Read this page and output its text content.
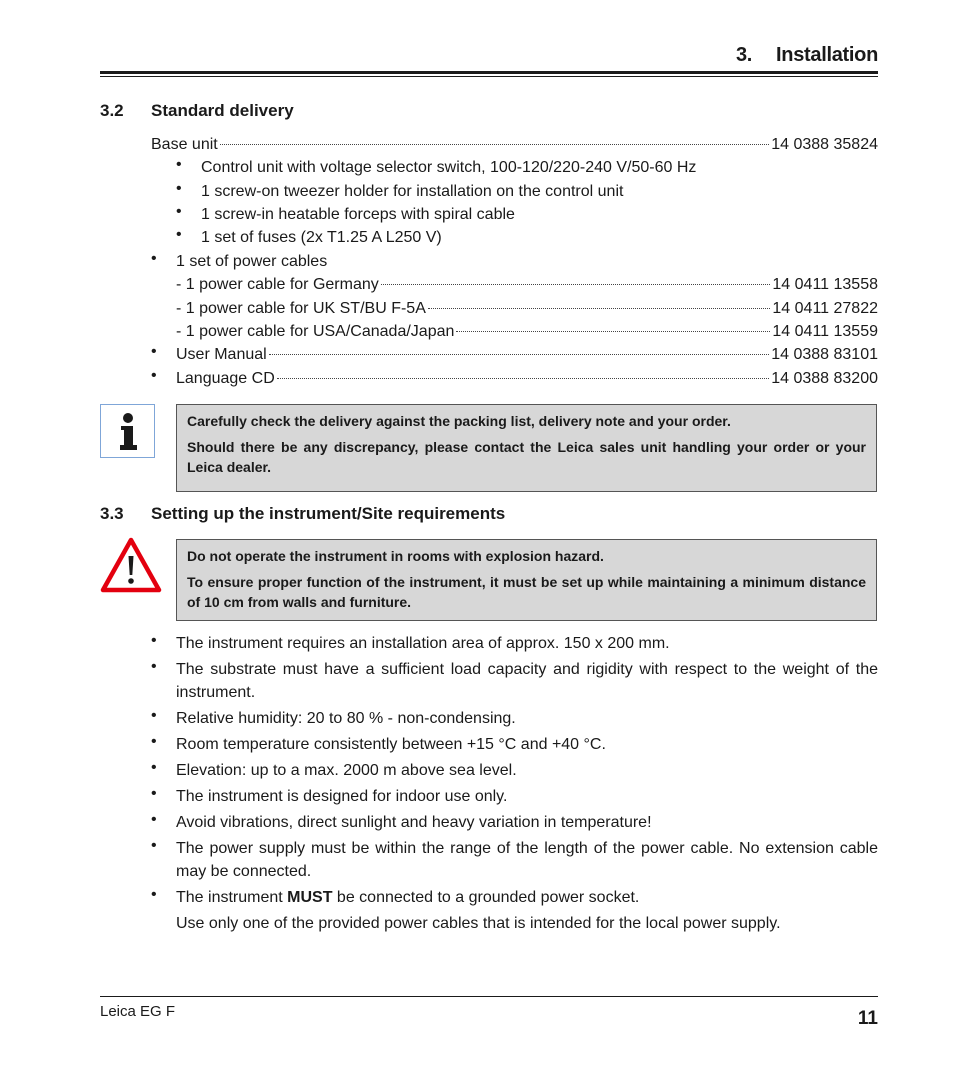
3. Installation
3.2 Standard delivery
Base unit	14 0388 35824
• Control unit with voltage selector switch, 100-120/220-240 V/50-60 Hz
• 1 screw-on tweezer holder for installation on the control unit
• 1 screw-in heatable forceps with spiral cable
• 1 set of fuses (2x T1.25 A L250 V)
• 1 set of power cables
- 1 power cable for Germany	14 0411 13558
- 1 power cable for UK ST/BU F-5A	14 0411 27822
- 1 power cable for USA/Canada/Japan	14 0411 13559
• User Manual	14 0388 83101
• Language CD	14 0388 83200

Carefully check the delivery against the packing list, delivery note and your order.

Should there be any discrepancy, please contact the Leica sales unit handling your order or your Leica dealer.

3.3 Setting up the instrument/Site requirements

Do not operate the instrument in rooms with explosion hazard.

To ensure proper function of the instrument, it must be set up while maintaining a minimum distance of 10 cm from walls and furniture.

• The instrument requires an installation area of approx. 150 x 200 mm.
• The substrate must have a sufficient load capacity and rigidity with respect to the weight of the instrument.
• Relative humidity: 20 to 80 % - non-condensing.
• Room temperature consistently between +15 °C and +40 °C.
• Elevation: up to a max. 2000 m above sea level.
• The instrument is designed for indoor use only.
• Avoid vibrations, direct sunlight and heavy variation in temperature!
• The power supply must be within the range of the length of the power cable. No extension cable may be connected.
• The instrument MUST be connected to a grounded power socket.
Use only one of the provided power cables that is intended for the local power supply.
Leica EG F	11
